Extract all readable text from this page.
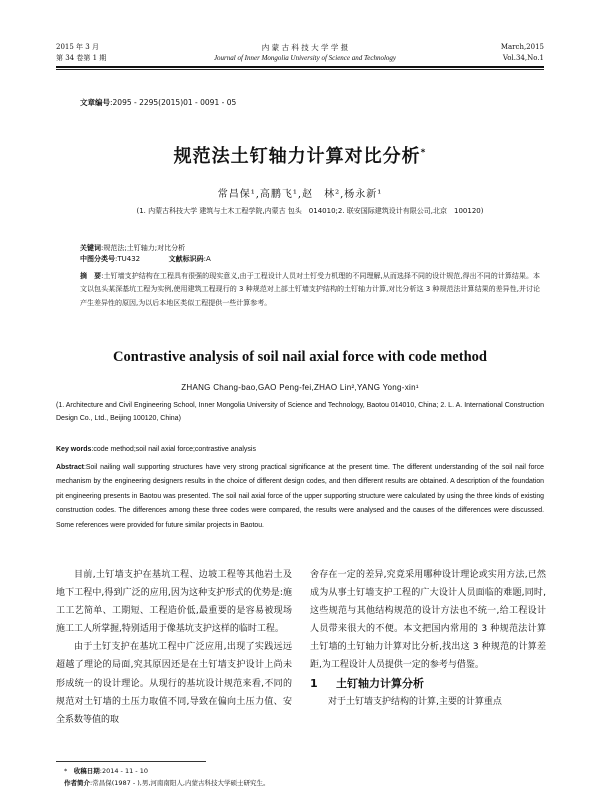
2015 年 3 月
第 34 卷第 1 期
内 蒙 古 科 技 大 学 学 报
Journal of Inner Mongolia University of Science and Technology
March,2015
Vol.34,No.1
文章编号:2095 - 2295(2015)01 - 0091 - 05
规范法土钉轴力计算对比分析*
常昌保¹,高鹏飞¹,赵　林²,杨永新¹
(1. 内蒙古科技大学 建筑与土木工程学院,内蒙古 包头　014010;2. 联安国际建筑设计有限公司,北京　100120)
关键词:规范法;土钉轴力;对比分析
中图分类号:TU432	文献标识码:A
摘　要:土钉墙支护结构在工程具有很强的现实意义,由于工程设计人员对土钉受力机理的不同理解,从而选择不同的设计规范,得出不同的计算结果。本文以包头某深基坑工程为实例,使用建筑工程现行的 3 种规范对上部土钉墙支护结构的土钉轴力计算,对比分析这 3 种规范法计算结果的差异性,并讨论产生差异性的原因,为以后本地区类似工程提供一些计算参考。
Contrastive analysis of soil nail axial force with code method
ZHANG Chang-bao,GAO Peng-fei,ZHAO Lin²,YANG Yong-xin¹
(1. Architecture and Civil Engineering School, Inner Mongolia University of Science and Technology, Baotou 014010, China; 2. L. A. International Construction Design Co., Ltd., Beijing 100120, China)
Key words:code method;soil nail axial force;contrastive analysis
Abstract:Soil nailing wall supporting structures have very strong practical significance at the present time. The different understanding of the soil nail force mechanism by the engineering designers results in the choice of different design codes, and then different results are obtained. A description of the foundation pit engineering presents in Baotou was presented. The soil nail axial force of the upper supporting structure were calculated by using the three kinds of existing construction codes. The differences among these three codes were compared, the results were analysed and the causes of the differences were discussed. Some references were provided for future similar projects in Baotou.

目前,土钉墙支护在基坑工程、边坡工程等其他岩土及地下工程中,得到广泛的应用,因为这种支护形式的优势是:施工工艺简单、工期短、工程造价低,最重要的是容易被现场施工工人所掌握,特别适用于像基坑支护这样的临时工程。

由于土钉支护在基坑工程中广泛应用,出现了实践远远超越了理论的局面,究其原因还是在土钉墙支护设计上尚未形成统一的设计理论。从现行的基坑设计规范来看,不同的规范对土钉墙的土压力取值不同,导致在偏向土压力值、安全系数等值的取

舍存在一定的差异,究竟采用哪种设计理论或实用方法,已然成为从事土钉墙支护工程的广大设计人员面临的难题,同时,这些规范与其他结构规范的设计方法也不统一,给工程设计人员带来很大的不便。本文把国内常用的 3 种规范法计算土钉墙的土钉轴力计算对比分析,找出这 3 种规范的计算差距,为工程设计人员提供一定的参考与借鉴。

1 土钉轴力计算分析

对于土钉墙支护结构的计算,主要的计算重点

*　收稿日期:2014 - 11 - 10
作者简介:常昌保(1987 - ),男,河南南阳人,内蒙古科技大学硕士研究生。
